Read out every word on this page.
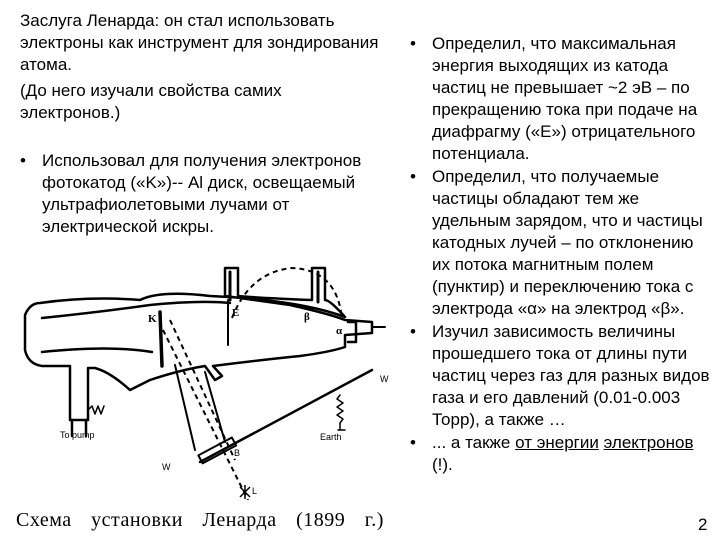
Заслуга Ленарда: он стал использовать электроны как инструмент для зондирования атома.

(До него изучали свойства самих электронов.)

• Использовал для получения электронов фотокатод («K»)-- Al диск, освещаемый ультрафиолетовыми лучами от электрической искры.
• Определил, что максимальная энергия выходящих из катода частиц не превышает ~2 эВ – по прекращению тока при подаче на диафрагму («E») отрицательного потенциала.
• Определил, что получаемые частицы обладают тем же удельным зарядом, что и частицы катодных лучей – по отклонению их потока магнитным полем (пунктир) и переключению тока с электрода «α» на электрод «β».
• Изучил зависимость величины прошедшего тока от длины пути частиц через газ для разных видов газа и его давлений (0.01-0.003 Торр), а также …
• ... а также от энергии электронов (!).
K	E	β
α
W
W
B
L
To pump	Earth
Схема установки Ленарда (1899 г.)	2
